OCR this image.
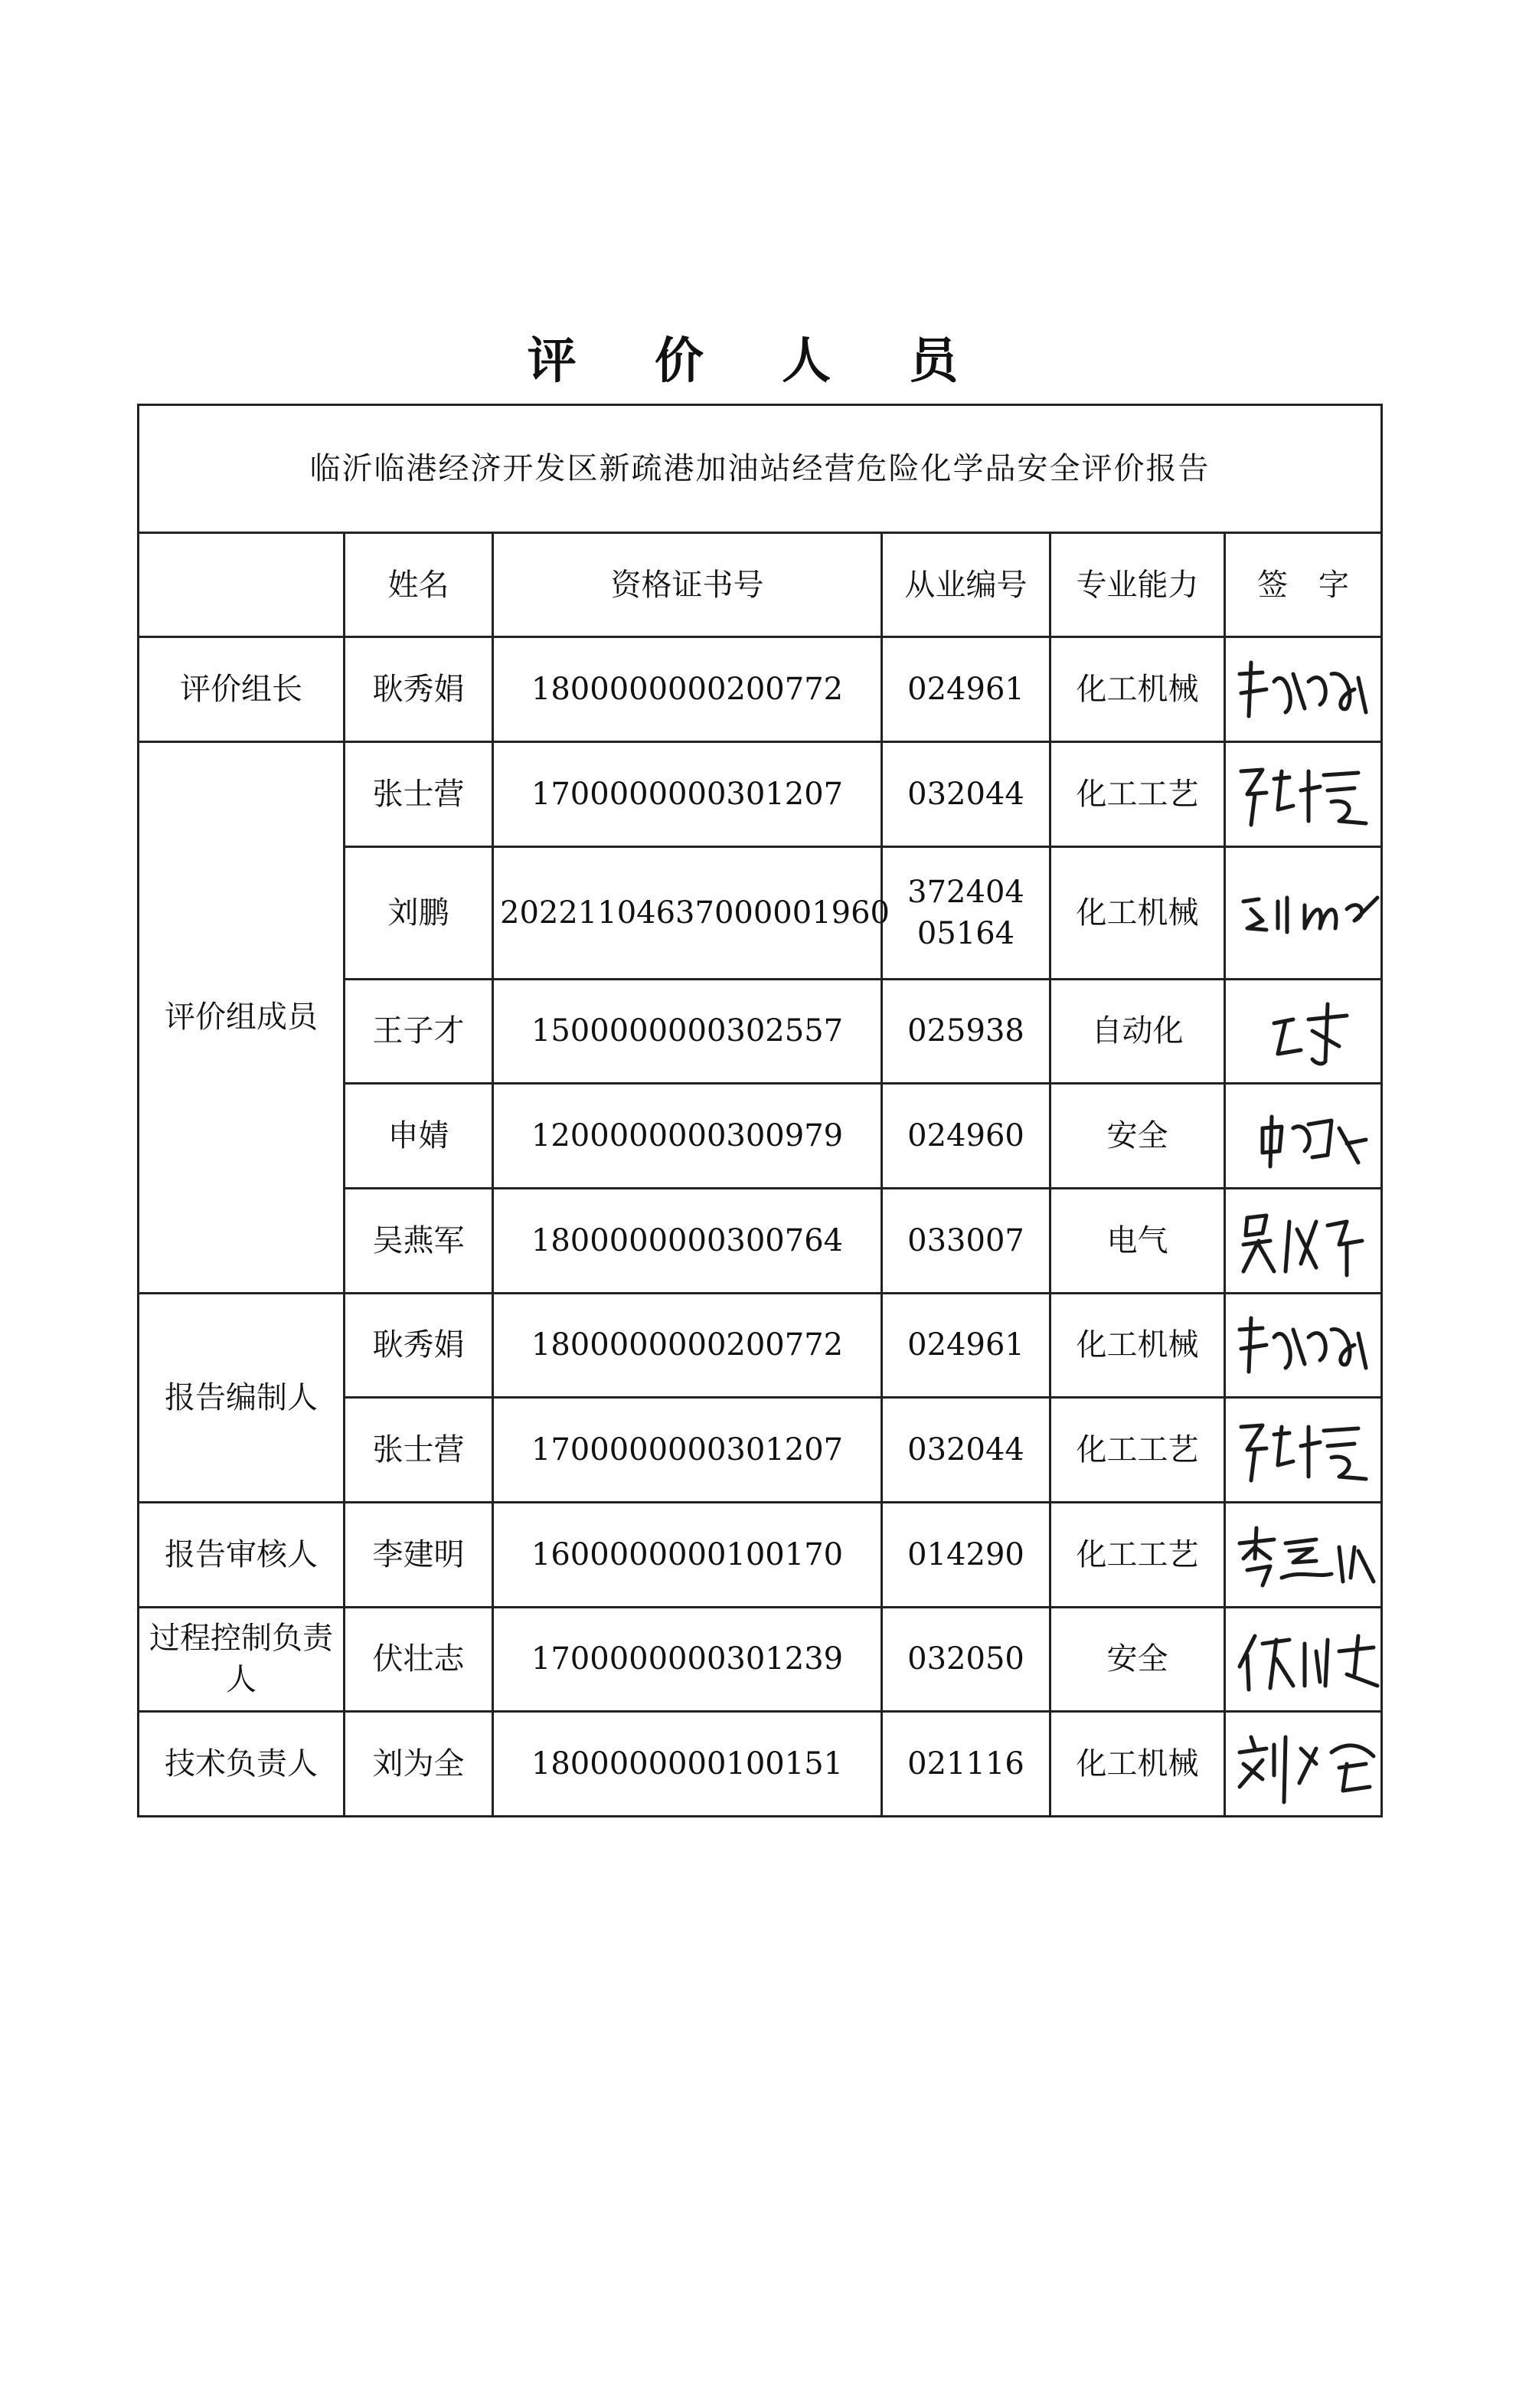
评 价 人 员
临沂临港经济开发区新疏港加油站经营危险化学品安全评价报告					
	姓名	资格证书号	从业编号	专业能力	签　字
评价组长	耿秀娟	1800000000200772	024961	化工机械	

评价组成员	张士营	1700000000301207	032044	化工工艺	

	刘鹏	20221104637000001960	372404
05164	化工机械	

	王子才	1500000000302557	025938	自动化	

	申婧	1200000000300979	024960	安全	

	吴燕军	1800000000300764	033007	电气	

报告编制人	耿秀娟	1800000000200772	024961	化工机械	

	张士营	1700000000301207	032044	化工工艺	

报告审核人	李建明	1600000000100170	014290	化工工艺	

过程控制负责人	伏壮志	1700000000301239	032050	安全	

技术负责人	刘为全	1800000000100151	021116	化工机械	
